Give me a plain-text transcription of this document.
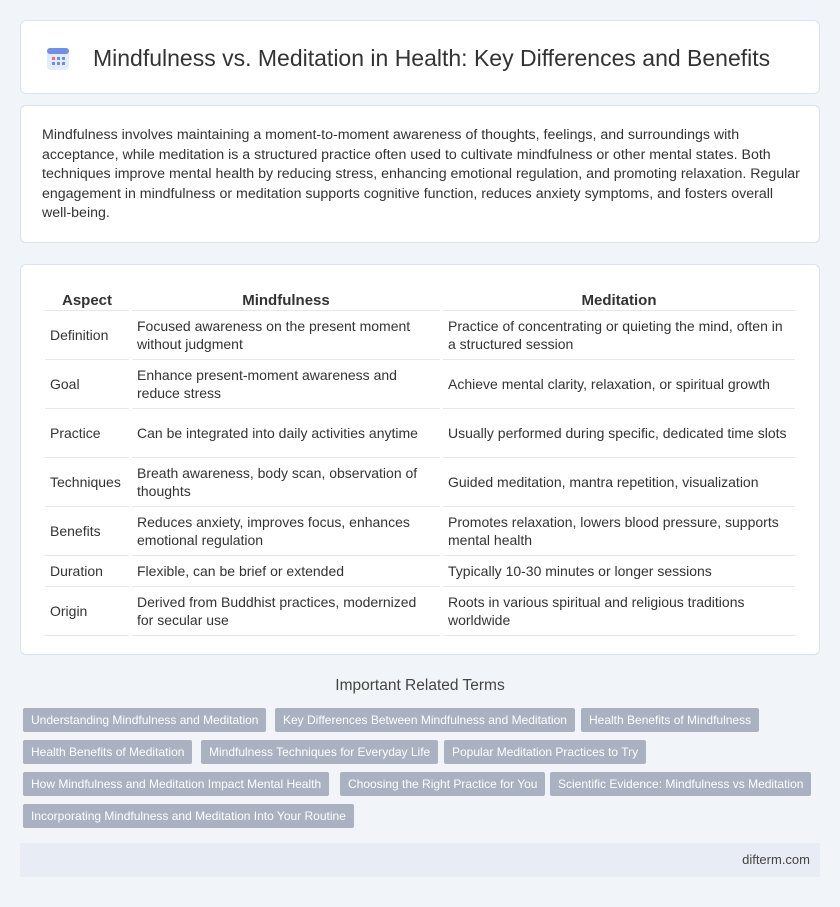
Mindfulness vs. Meditation in Health: Key Differences and Benefits

Mindfulness involves maintaining a moment-to-moment awareness of thoughts, feelings, and surroundings with acceptance, while meditation is a structured practice often used to cultivate mindfulness or other mental states. Both techniques improve mental health by reducing stress, enhancing emotional regulation, and promoting relaxation. Regular engagement in mindfulness or meditation supports cognitive function, reduces anxiety symptoms, and fosters overall well-being.

Aspect	Mindfulness	Meditation
Definition	Focused awareness on the present moment without judgment	Practice of concentrating or quieting the mind, often in a structured session
Goal	Enhance present-moment awareness and reduce stress	Achieve mental clarity, relaxation, or spiritual growth
Practice	Can be integrated into daily activities anytime	Usually performed during specific, dedicated time slots
Techniques	Breath awareness, body scan, observation of thoughts	Guided meditation, mantra repetition, visualization
Benefits	Reduces anxiety, improves focus, enhances emotional regulation	Promotes relaxation, lowers blood pressure, supports mental health
Duration	Flexible, can be brief or extended	Typically 10-30 minutes or longer sessions
Origin	Derived from Buddhist practices, modernized for secular use	Roots in various spiritual and religious traditions worldwide
Important Related Terms
Understanding Mindfulness and Meditation	Key Differences Between Mindfulness and Meditation	Health Benefits of Mindfulness
Health Benefits of Meditation	Mindfulness Techniques for Everyday Life	Popular Meditation Practices to Try
How Mindfulness and Meditation Impact Mental Health	Choosing the Right Practice for You	Scientific Evidence: Mindfulness vs Meditation
Incorporating Mindfulness and Meditation Into Your Routine
difterm.com
